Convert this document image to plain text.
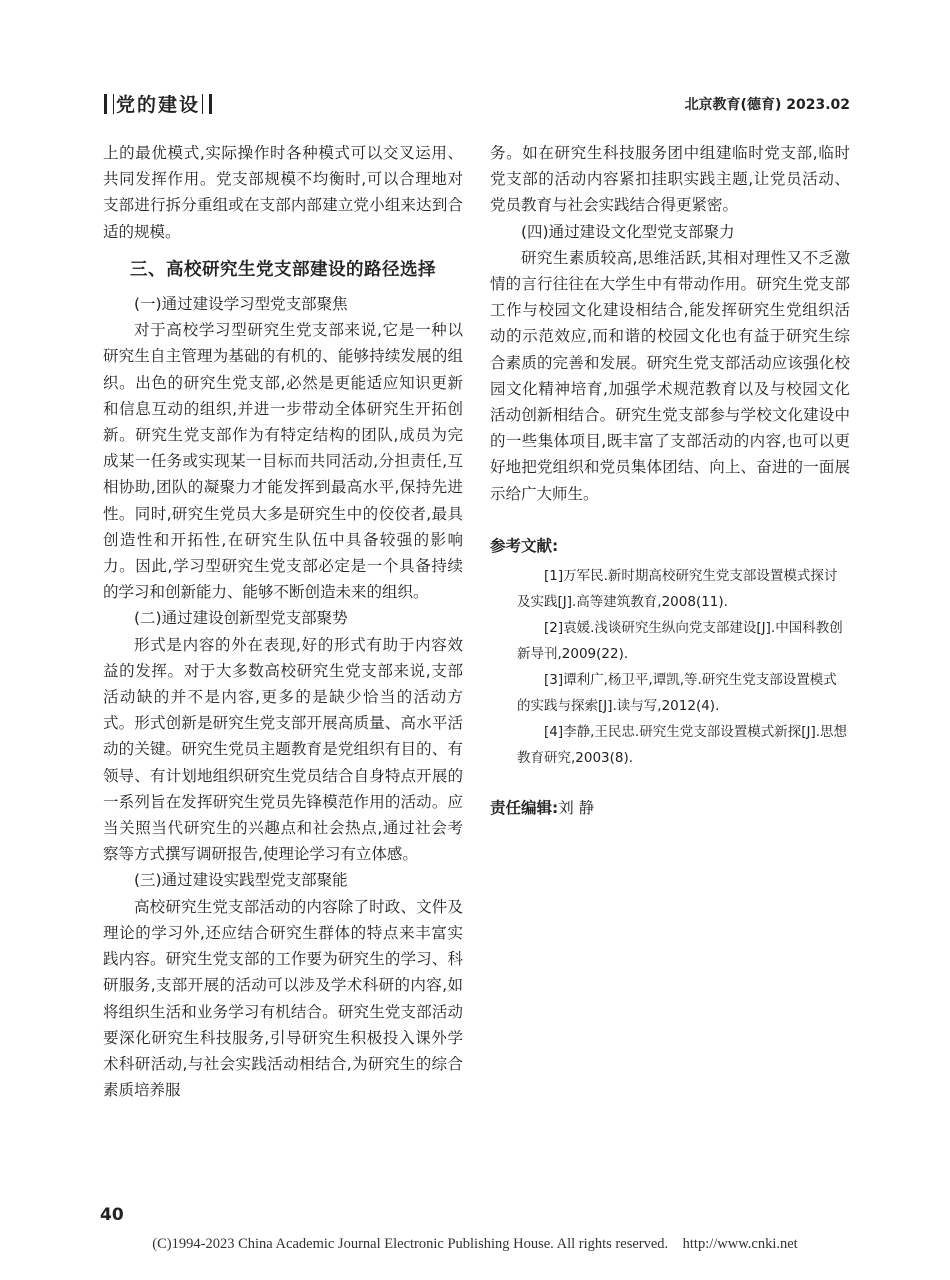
党的建设	北京教育(德育) 2023.02

上的最优模式,实际操作时各种模式可以交叉运用、共同发挥作用。党支部规模不均衡时,可以合理地对支部进行拆分重组或在支部内部建立党小组来达到合适的规模。

三、高校研究生党支部建设的路径选择
(一)通过建设学习型党支部聚焦

对于高校学习型研究生党支部来说,它是一种以研究生自主管理为基础的有机的、能够持续发展的组织。出色的研究生党支部,必然是更能适应知识更新和信息互动的组织,并进一步带动全体研究生开拓创新。研究生党支部作为有特定结构的团队,成员为完成某一任务或实现某一目标而共同活动,分担责任,互相协助,团队的凝聚力才能发挥到最高水平,保持先进性。同时,研究生党员大多是研究生中的佼佼者,最具创造性和开拓性,在研究生队伍中具备较强的影响力。因此,学习型研究生党支部必定是一个具备持续的学习和创新能力、能够不断创造未来的组织。

(二)通过建设创新型党支部聚势

形式是内容的外在表现,好的形式有助于内容效益的发挥。对于大多数高校研究生党支部来说,支部活动缺的并不是内容,更多的是缺少恰当的活动方式。形式创新是研究生党支部开展高质量、高水平活动的关键。研究生党员主题教育是党组织有目的、有领导、有计划地组织研究生党员结合自身特点开展的一系列旨在发挥研究生党员先锋模范作用的活动。应当关照当代研究生的兴趣点和社会热点,通过社会考察等方式撰写调研报告,使理论学习有立体感。

(三)通过建设实践型党支部聚能

高校研究生党支部活动的内容除了时政、文件及理论的学习外,还应结合研究生群体的特点来丰富实践内容。研究生党支部的工作要为研究生的学习、科研服务,支部开展的活动可以涉及学术科研的内容,如将组织生活和业务学习有机结合。研究生党支部活动要深化研究生科技服务,引导研究生积极投入课外学术科研活动,与社会实践活动相结合,为研究生的综合素质培养服

务。如在研究生科技服务团中组建临时党支部,临时党支部的活动内容紧扣挂职实践主题,让党员活动、党员教育与社会实践结合得更紧密。

(四)通过建设文化型党支部聚力

研究生素质较高,思维活跃,其相对理性又不乏激情的言行往往在大学生中有带动作用。研究生党支部工作与校园文化建设相结合,能发挥研究生党组织活动的示范效应,而和谐的校园文化也有益于研究生综合素质的完善和发展。研究生党支部活动应该强化校园文化精神培育,加强学术规范教育以及与校园文化活动创新相结合。研究生党支部参与学校文化建设中的一些集体项目,既丰富了支部活动的内容,也可以更好地把党组织和党员集体团结、向上、奋进的一面展示给广大师生。

参考文献:

[1]万军民.新时期高校研究生党支部设置模式探讨及实践[J].高等建筑教育,2008(11).

[2]袁媛.浅谈研究生纵向党支部建设[J].中国科教创新导刊,2009(22).

[3]谭利广,杨卫平,谭凯,等.研究生党支部设置模式的实践与探索[J].读与写,2012(4).

[4]李静,王民忠.研究生党支部设置模式新探[J].思想教育研究,2003(8).

责任编辑:刘 静
40
(C)1994-2023 China Academic Journal Electronic Publishing House. All rights reserved.    http://www.cnki.net
